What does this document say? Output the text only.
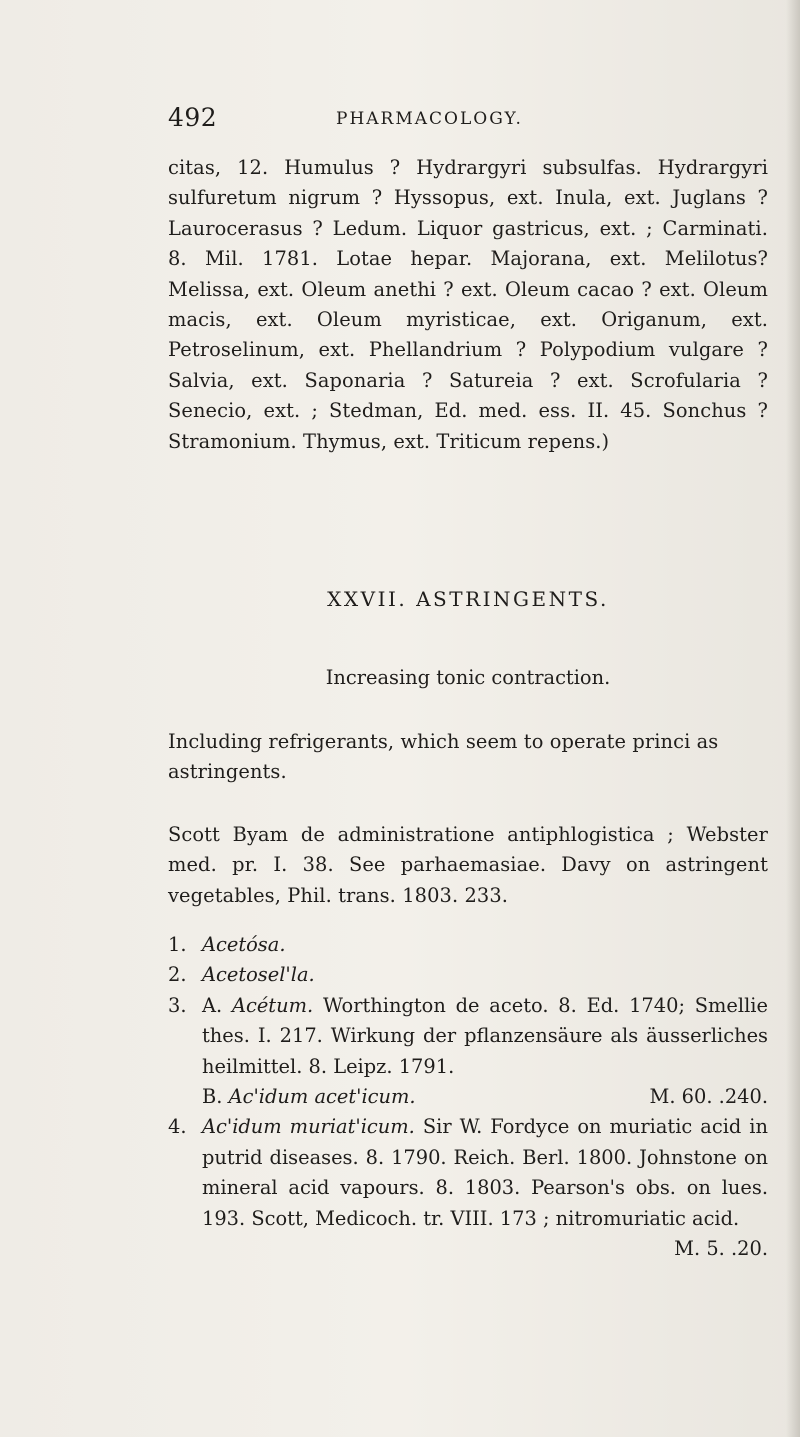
492	PHARMACOLOGY.
citas, 12. Humulus ? Hydrargyri subsulfas. Hydrargyri sulfuretum nigrum ? Hyssopus, ext. Inula, ext. Juglans ? Laurocerasus ? Ledum. Liquor gastricus, ext. ; Carminati. 8. Mil. 1781. Lotae hepar. Majorana, ext. Melilotus? Melissa, ext. Oleum anethi ? ext. Oleum cacao ? ext. Oleum macis, ext. Oleum myristicae, ext. Origanum, ext. Petroselinum, ext. Phellandrium ? Polypodium vulgare ? Salvia, ext. Saponaria ? Satureia ? ext. Scrofularia ? Senecio, ext. ; Stedman, Ed. med. ess. II. 45. Sonchus ? Stramonium. Thymus, ext. Triticum repens.)
XXVII. ASTRINGENTS.
Increasing tonic contraction.
Including refrigerants, which seem to operate princi as astringents.
Scott Byam de administratione antiphlogistica ; Webster med. pr. I. 38. See parhaemasiae. Davy on astringent vegetables, Phil. trans. 1803. 233.
1. Acetósa.
2. Acetosel'la.
3. A. Acétum. Worthington de aceto. 8. Ed. 1740; Smellie thes. I. 217. Wirkung der pflanzensäure als äusserliches heilmittel. 8. Leipz. 1791.
B. Ac'idum acet'icum.	M. 60. .240.
4. Ac'idum muriat'icum. Sir W. Fordyce on muriatic acid in putrid diseases. 8. 1790. Reich. Berl. 1800. Johnstone on mineral acid vapours. 8. 1803. Pearson's obs. on lues. 193. Scott, Medicoch. tr. VIII. 173 ; nitromuriatic acid.
M. 5. .20.
